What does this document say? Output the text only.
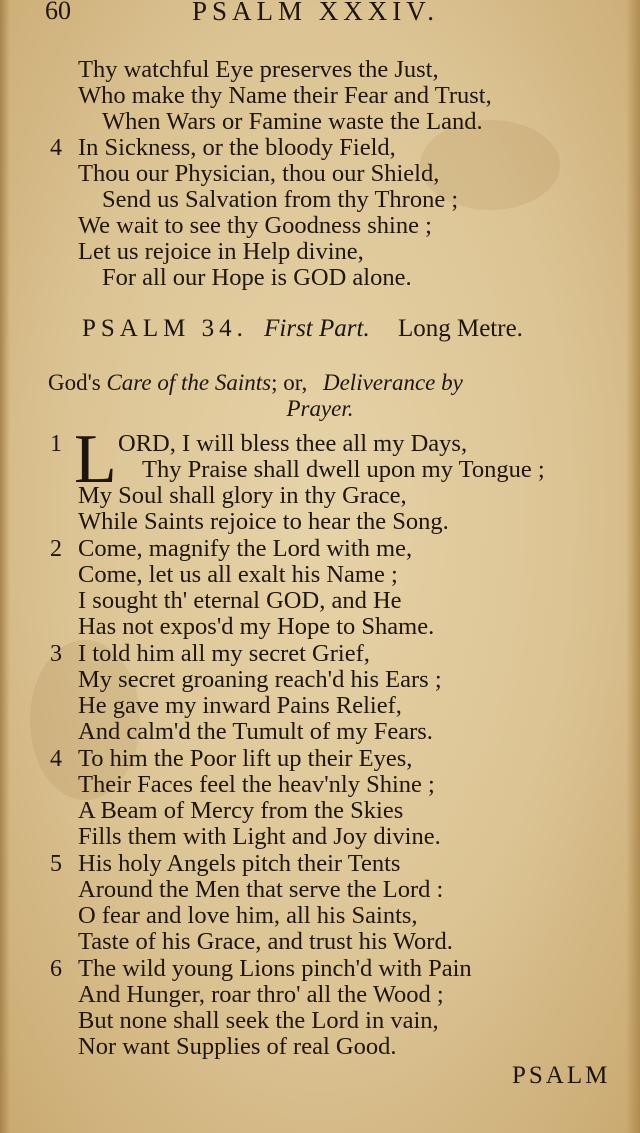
60	PSALM XXXIV.
Thy watchful Eye preserves the Just,
Who make thy Name their Fear and Trust,
When Wars or Famine waste the Land.
4 In Sickness, or the bloody Field,
Thou our Physician, thou our Shield,
Send us Salvation from thy Throne ;
We wait to see thy Goodness shine ;
Let us rejoice in Help divine,
For all our Hope is GOD alone.
PSALM 34. First Part. Long Metre.
God's Care of the Saints; or, Deliverance by
Prayer.
1 L ORD, I will bless thee all my Days,
Thy Praise shall dwell upon my Tongue ;
My Soul shall glory in thy Grace,
While Saints rejoice to hear the Song.
2 Come, magnify the Lord with me,
Come, let us all exalt his Name ;
I sought th' eternal GOD, and He
Has not expos'd my Hope to Shame.
3 I told him all my secret Grief,
My secret groaning reach'd his Ears ;
He gave my inward Pains Relief,
And calm'd the Tumult of my Fears.
4 To him the Poor lift up their Eyes,
Their Faces feel the heav'nly Shine ;
A Beam of Mercy from the Skies
Fills them with Light and Joy divine.
5 His holy Angels pitch their Tents
Around the Men that serve the Lord :
O fear and love him, all his Saints,
Taste of his Grace, and trust his Word.
6 The wild young Lions pinch'd with Pain
And Hunger, roar thro' all the Wood ;
But none shall seek the Lord in vain,
Nor want Supplies of real Good.
PSALM
